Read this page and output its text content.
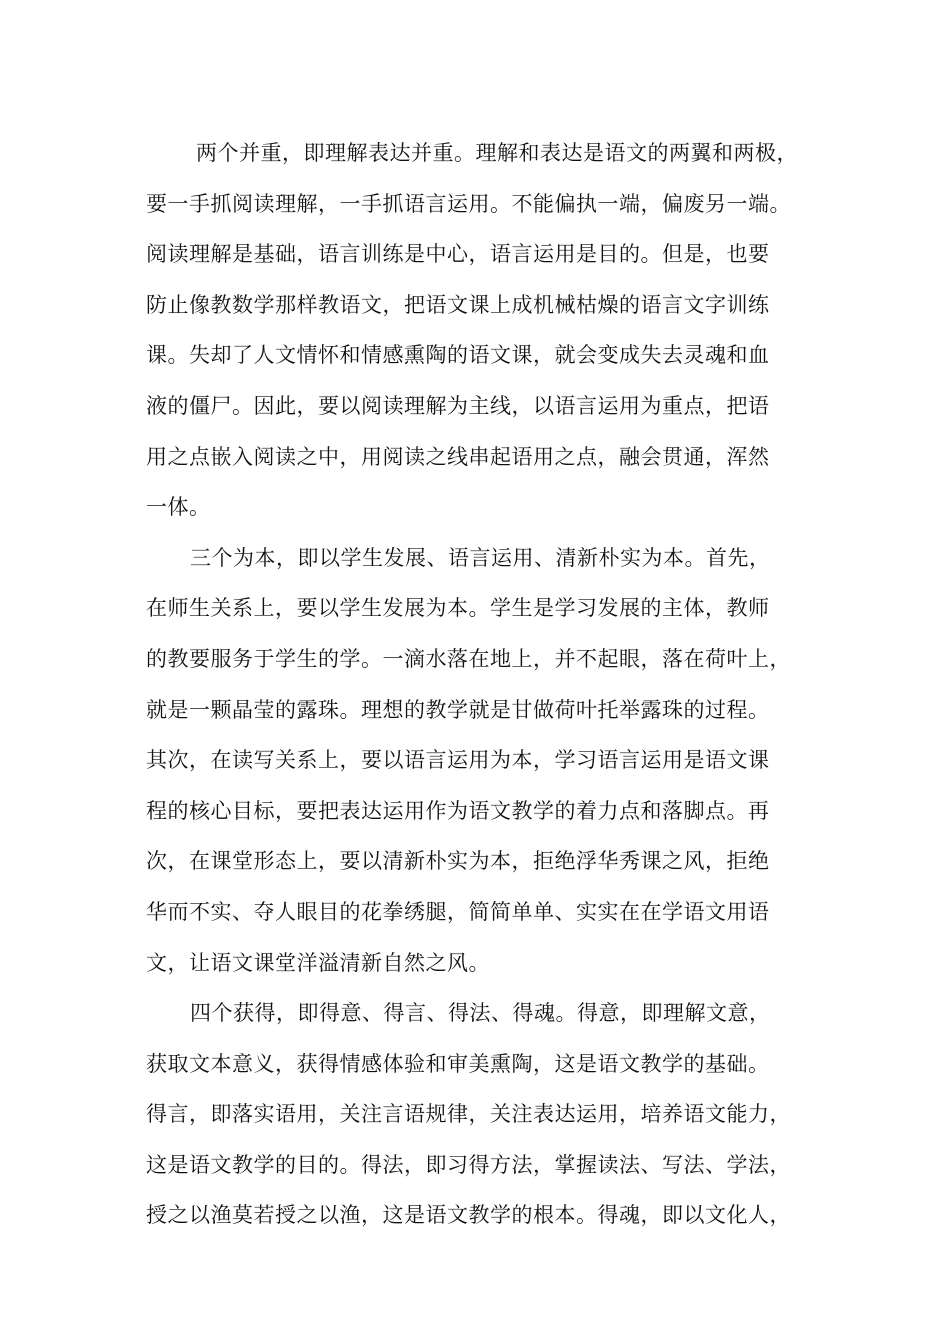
两个并重，即理解表达并重。理解和表达是语文的两翼和两极，
要一手抓阅读理解，一手抓语言运用。不能偏执一端，偏废另一端。
阅读理解是基础，语言训练是中心，语言运用是目的。但是，也要
防止像教数学那样教语文，把语文课上成机械枯燥的语言文字训练
课。失却了人文情怀和情感熏陶的语文课，就会变成失去灵魂和血
液的僵尸。因此，要以阅读理解为主线，以语言运用为重点，把语
用之点嵌入阅读之中，用阅读之线串起语用之点，融会贯通，浑然
一体。
三个为本，即以学生发展、语言运用、清新朴实为本。首先，
在师生关系上，要以学生发展为本。学生是学习发展的主体，教师
的教要服务于学生的学。一滴水落在地上，并不起眼，落在荷叶上，
就是一颗晶莹的露珠。理想的教学就是甘做荷叶托举露珠的过程。
其次，在读写关系上，要以语言运用为本，学习语言运用是语文课
程的核心目标，要把表达运用作为语文教学的着力点和落脚点。再
次，在课堂形态上，要以清新朴实为本，拒绝浮华秀课之风，拒绝
华而不实、夺人眼目的花拳绣腿，简简单单、实实在在学语文用语
文，让语文课堂洋溢清新自然之风。
四个获得，即得意、得言、得法、得魂。得意，即理解文意，
获取文本意义，获得情感体验和审美熏陶，这是语文教学的基础。
得言，即落实语用，关注言语规律，关注表达运用，培养语文能力，
这是语文教学的目的。得法，即习得方法，掌握读法、写法、学法，
授之以渔莫若授之以渔，这是语文教学的根本。得魂，即以文化人，
